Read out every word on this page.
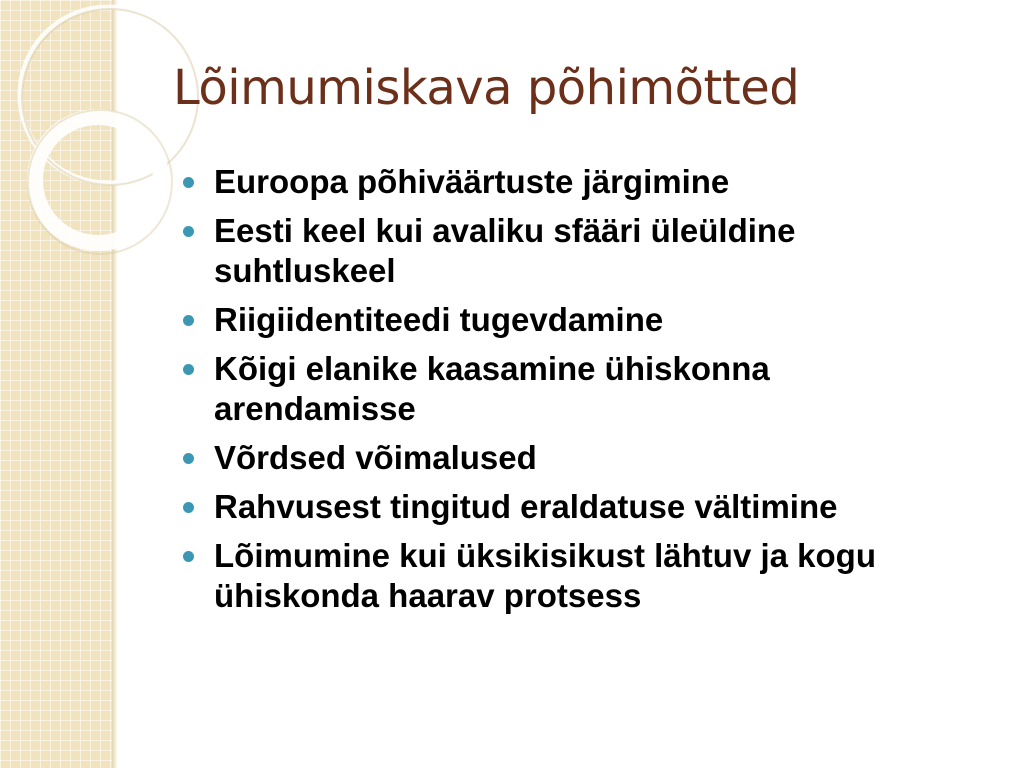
Lõimumiskava põhimõtted
Euroopa põhiväärtuste järgimine
Eesti keel kui avaliku sfääri üleüldine suhtluskeel
Riigiidentiteedi tugevdamine
Kõigi elanike kaasamine ühiskonna arendamisse
Võrdsed võimalused
Rahvusest tingitud eraldatuse vältimine
Lõimumine kui üksikisikust lähtuv ja kogu ühiskonda haarav protsess
